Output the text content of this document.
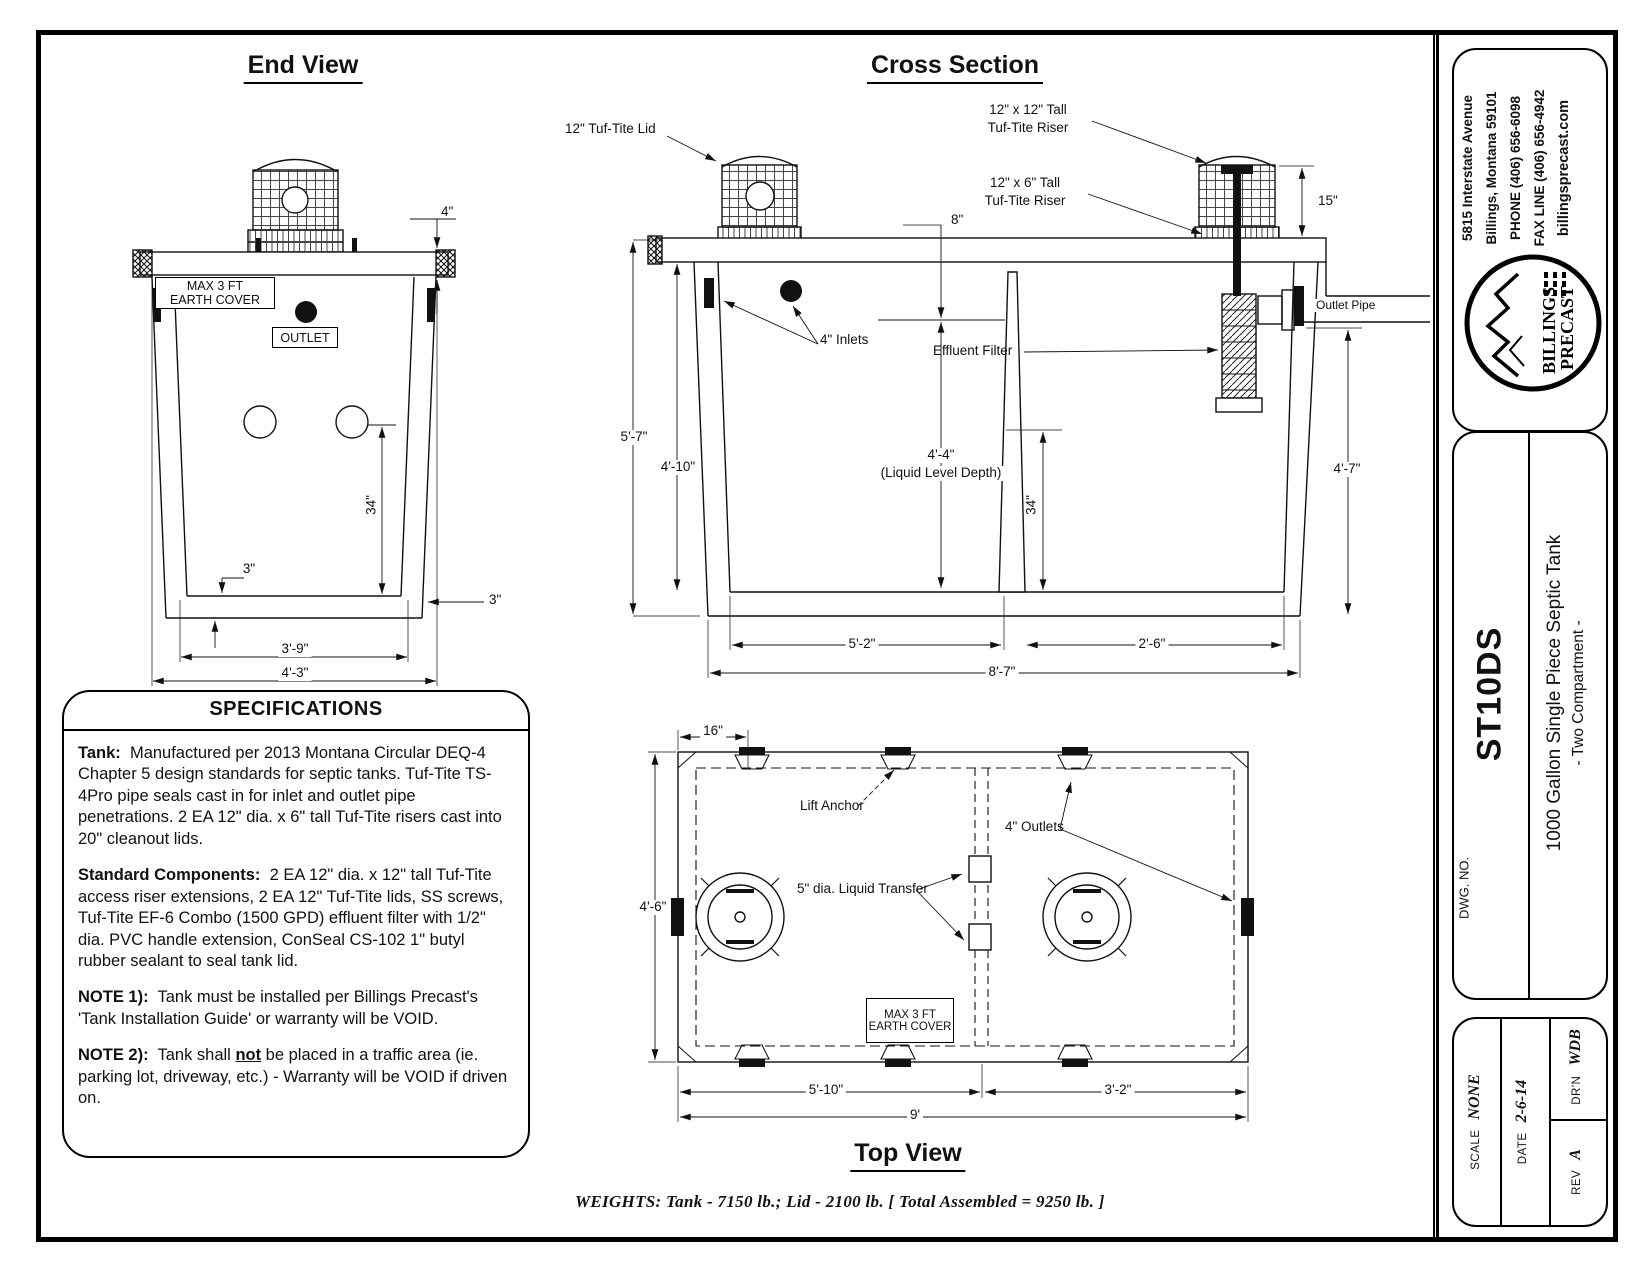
End View
MAX 3 FT
EARTH COVER
OUTLET
4"
34"
3"
3"
3'-9"
4'-3"
Cross Section
12" Tuf-Tite Lid
12" x 12" Tall
Tuf-Tite Riser
12" x 6" Tall
Tuf-Tite Riser	15"
8"
4" Inlets
Effluent Filter
Outlet Pipe
5'-7"
4'-10"
4'-4"
(Liquid Level Depth)
34"
5'-2"	2'-6"
8'-7"
4'-7"
16"
Lift Anchor
4" Outlets
5" dia. Liquid Transfer
MAX 3 FT
EARTH COVER
4'-6"
5'-10"	3'-2"
9'
Top View
WEIGHTS: Tank - 7150 lb.; Lid - 2100 lb. [ Total Assembled = 9250 lb. ]
SPECIFICATIONS

Tank: Manufactured per 2013 Montana Circular DEQ-4 Chapter 5 design standards for septic tanks. Tuf-Tite TS-4Pro pipe seals cast in for inlet and outlet pipe penetrations. 2 EA 12" dia. x 6" tall Tuf-Tite risers cast into 20" cleanout lids.

Standard Components: 2 EA 12" dia. x 12" tall Tuf-Tite access riser extensions, 2 EA 12" Tuf-Tite lids, SS screws, Tuf-Tite EF-6 Combo (1500 GPD) effluent filter with 1/2" dia. PVC handle extension, ConSeal CS-102 1" butyl rubber sealant to seal tank lid.

NOTE 1): Tank must be installed per Billings Precast's 'Tank Installation Guide' or warranty will be VOID.

NOTE 2): Tank shall not be placed in a traffic area (ie. parking lot, driveway, etc.) - Warranty will be VOID if driven on.

5815 Interstate Avenue Billings, Montana 59101 PHONE (406) 656-6098 FAX LINE (406) 656-4942 billingsprecast.com
BILLINGS
PRECAST
DWG. NO.
ST10DS 1000 Gallon Single Piece Septic Tank - Two Compartment -
SCALENONE
DATE2-6-14	DR'NWDB
REVA
